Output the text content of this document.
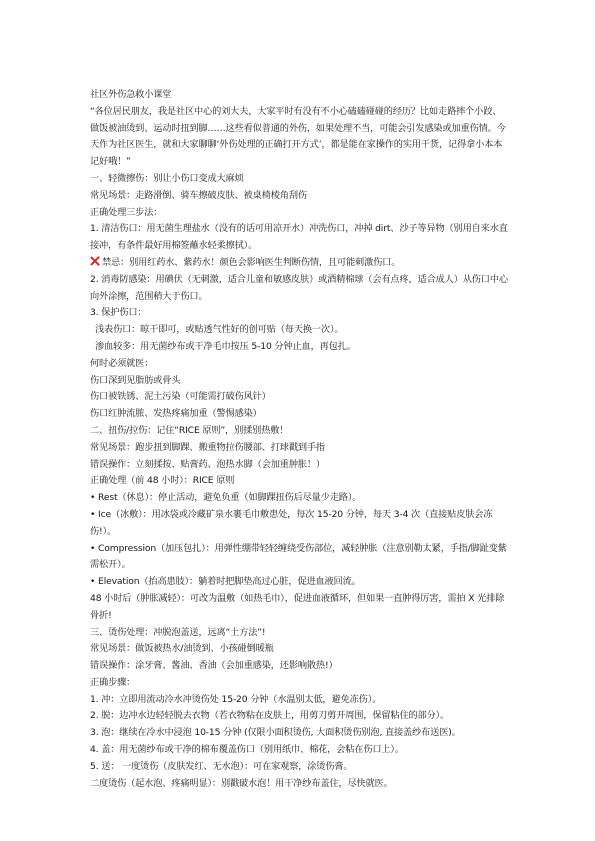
社区外伤急救小课堂
“各位居民朋友，我是社区中心的刘大夫，大家平时有没有不小心磕磕碰碰的经历？比如走路摔个小跤、做饭被油烫到、运动时扭到脚……这些看似普通的外伤，如果处理不当，可能会引发感染或加重伤情。今天作为社区医生，就和大家聊聊‘外伤处理的正确打开方式’，都是能在家操作的实用干货，记得拿小本本记好哦！”
一、轻微擦伤：别让小伤口变成大麻烦
常见场景：走路滑倒、骑车擦破皮肤、被桌椅棱角刮伤
正确处理三步法：
1. 清洁伤口：用无菌生理盐水（没有的话可用凉开水）冲洗伤口，冲掉 dirt、沙子等异物（别用自来水直接冲，有条件最好用棉签蘸水轻柔擦拭）。
禁忌：别用红药水、紫药水！颜色会影响医生判断伤情，且可能刺激伤口。
2. 消毒防感染：用碘伏（无刺激，适合儿童和敏感皮肤）或酒精棉球（会有点疼，适合成人）从伤口中心向外涂擦，范围稍大于伤口。
3. 保护伤口：
浅表伤口：晾干即可，或贴透气性好的创可贴（每天换一次）。
渗血较多：用无菌纱布或干净毛巾按压 5-10 分钟止血，再包扎。
何时必须就医：
伤口深到见脂肪或骨头
伤口被铁锈、泥土污染（可能需打破伤风针）
伤口红肿流脓、发热疼痛加重（警惕感染）
二、扭伤/拉伤：记住“RICE 原则”，别揉别热敷！
常见场景：跑步扭到脚踝、搬重物拉伤腰部、打球戳到手指
错误操作：立刻揉按、贴膏药、泡热水脚（会加重肿胀！）
正确处理（前 48 小时）：RICE 原则
• Rest（休息）：停止活动，避免负重（如脚踝扭伤后尽量少走路）。
• Ice（冰敷）：用冰袋或冷藏矿泉水裹毛巾敷患处，每次 15-20 分钟，每天 3-4 次（直接贴皮肤会冻伤!）。
• Compression（加压包扎）：用弹性绷带轻轻缠绕受伤部位，减轻肿胀（注意别勒太紧，手指/脚趾变紫需松开）。
• Elevation（抬高患肢）：躺着时把脚垫高过心脏，促进血液回流。
48 小时后（肿胀减轻）：可改为温敷（如热毛巾），促进血液循环，但如果一直肿得厉害，需拍 X 光排除骨折!
三、烫伤处理：冲脱泡盖送，远离“土方法”!
常见场景：做饭被热水/油烫到、小孩碰倒暖瓶
错误操作：涂牙膏、酱油、香油（会加重感染，还影响散热!）
正确步骤：
1. 冲：立即用流动冷水冲烫伤处 15-20 分钟（水温别太低，避免冻伤）。
2. 脱：边冲水边轻轻脱去衣物（若衣物粘在皮肤上，用剪刀剪开周围，保留粘住的部分）。
3. 泡：继续在冷水中浸泡 10-15 分钟 (仅限小面积烫伤, 大面积烫伤别泡, 直接盖纱布送医)。
4. 盖：用无菌纱布或干净的棉布覆盖伤口（别用纸巾、棉花，会粘在伤口上）。
5. 送： 一度烫伤（皮肤发红、无水泡）：可在家观察，涂烫伤膏。
二度烫伤（起水泡、疼痛明显）：别戳破水泡！用干净纱布盖住，尽快就医。
